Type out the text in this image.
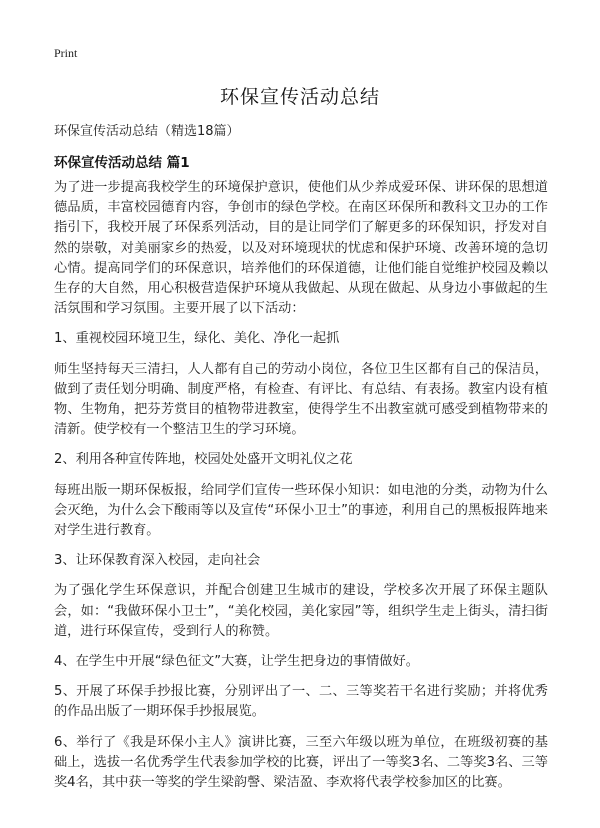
Print
环保宣传活动总结
环保宣传活动总结（精选18篇）
环保宣传活动总结 篇1

为了进一步提高我校学生的环境保护意识，使他们从少养成爱环保、讲环保的思想道德品质，丰富校园德育内容，争创市的绿色学校。在南区环保所和教科文卫办的工作指引下，我校开展了环保系列活动，目的是让同学们了解更多的环保知识，抒发对自然的崇敬，对美丽家乡的热爱，以及对环境现状的忧虑和保护环境、改善环境的急切心情。提高同学们的环保意识，培养他们的环保道德，让他们能自觉维护校园及赖以生存的大自然，用心积极营造保护环境从我做起、从现在做起、从身边小事做起的生活氛围和学习氛围。主要开展了以下活动：

1、重视校园环境卫生，绿化、美化、净化一起抓

师生坚持每天三清扫，人人都有自己的劳动小岗位，各位卫生区都有自己的保洁员，做到了责任划分明确、制度严格，有检查、有评比、有总结、有表扬。教室内设有植物、生物角，把芬芳赏目的植物带进教室，使得学生不出教室就可感受到植物带来的清新。使学校有一个整洁卫生的学习环境。

2、利用各种宣传阵地，校园处处盛开文明礼仪之花

每班出版一期环保板报，给同学们宣传一些环保小知识：如电池的分类，动物为什么会灭绝，为什么会下酸雨等以及宣传“环保小卫士”的事迹，利用自己的黑板报阵地来对学生进行教育。

3、让环保教育深入校园，走向社会

为了强化学生环保意识，并配合创建卫生城市的建设，学校多次开展了环保主题队会，如：“我做环保小卫士”，“美化校园，美化家园”等，组织学生走上街头，清扫街道，进行环保宣传，受到行人的称赞。

4、在学生中开展“绿色征文”大赛，让学生把身边的事情做好。

5、开展了环保手抄报比赛，分别评出了一、二、三等奖若干名进行奖励；并将优秀的作品出版了一期环保手抄报展览。

6、举行了《我是环保小主人》演讲比赛，三至六年级以班为单位，在班级初赛的基础上，选拔一名优秀学生代表参加学校的比赛，评出了一等奖3名、二等奖3名、三等奖4名，其中获一等奖的学生梁韵謦、梁洁盈、李欢将代表学校参加区的比赛。
